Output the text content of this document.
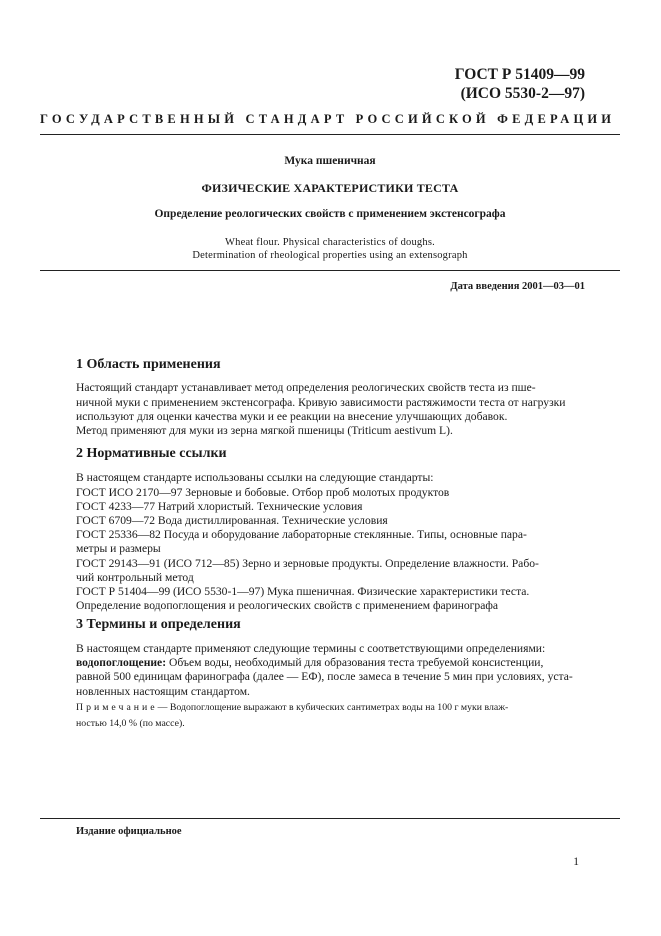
ГОСТ Р 51409—99
(ИСО 5530-2—97)
ГОСУДАРСТВЕННЫЙ СТАНДАРТ РОССИЙСКОЙ ФЕДЕРАЦИИ
Мука пшеничная
ФИЗИЧЕСКИЕ ХАРАКТЕРИСТИКИ ТЕСТА
Определение реологических свойств с применением экстенсографа
Wheat flour. Physical characteristics of doughs.
Determination of rheological properties using an extensograph
Дата введения 2001—03—01
1 Область применения
Настоящий стандарт устанавливает метод определения реологических свойств теста из пше-
ничной муки с применением экстенсографа. Кривую зависимости растяжимости теста от нагрузки
используют для оценки качества муки и ее реакции на внесение улучшающих добавок.
Метод применяют для муки из зерна мягкой пшеницы (Triticum aestivum L).
2 Нормативные ссылки
В настоящем стандарте использованы ссылки на следующие стандарты:
ГОСТ ИСО 2170—97 Зерновые и бобовые. Отбор проб молотых продуктов
ГОСТ 4233—77 Натрий хлористый. Технические условия
ГОСТ 6709—72 Вода дистиллированная. Технические условия
ГОСТ 25336—82 Посуда и оборудование лабораторные стеклянные. Типы, основные пара-
метры и размеры
ГОСТ 29143—91 (ИСО 712—85) Зерно и зерновые продукты. Определение влажности. Рабо-
чий контрольный метод
ГОСТ Р 51404—99 (ИСО 5530-1—97) Мука пшеничная. Физические характеристики теста.
Определение водопоглощения и реологических свойств с применением фаринографа
3 Термины и определения
В настоящем стандарте применяют следующие термины с соответствующими определениями:
водопоглощение: Объем воды, необходимый для образования теста требуемой консистенции,
равной 500 единицам фаринографа (далее — ЕФ), после замеса в течение 5 мин при условиях, уста-
новленных настоящим стандартом.
Примечание— Водопоглощение выражают в кубических сантиметрах воды на 100 г муки влаж-
ностью 14,0 % (по массе).
Издание официальное
1
